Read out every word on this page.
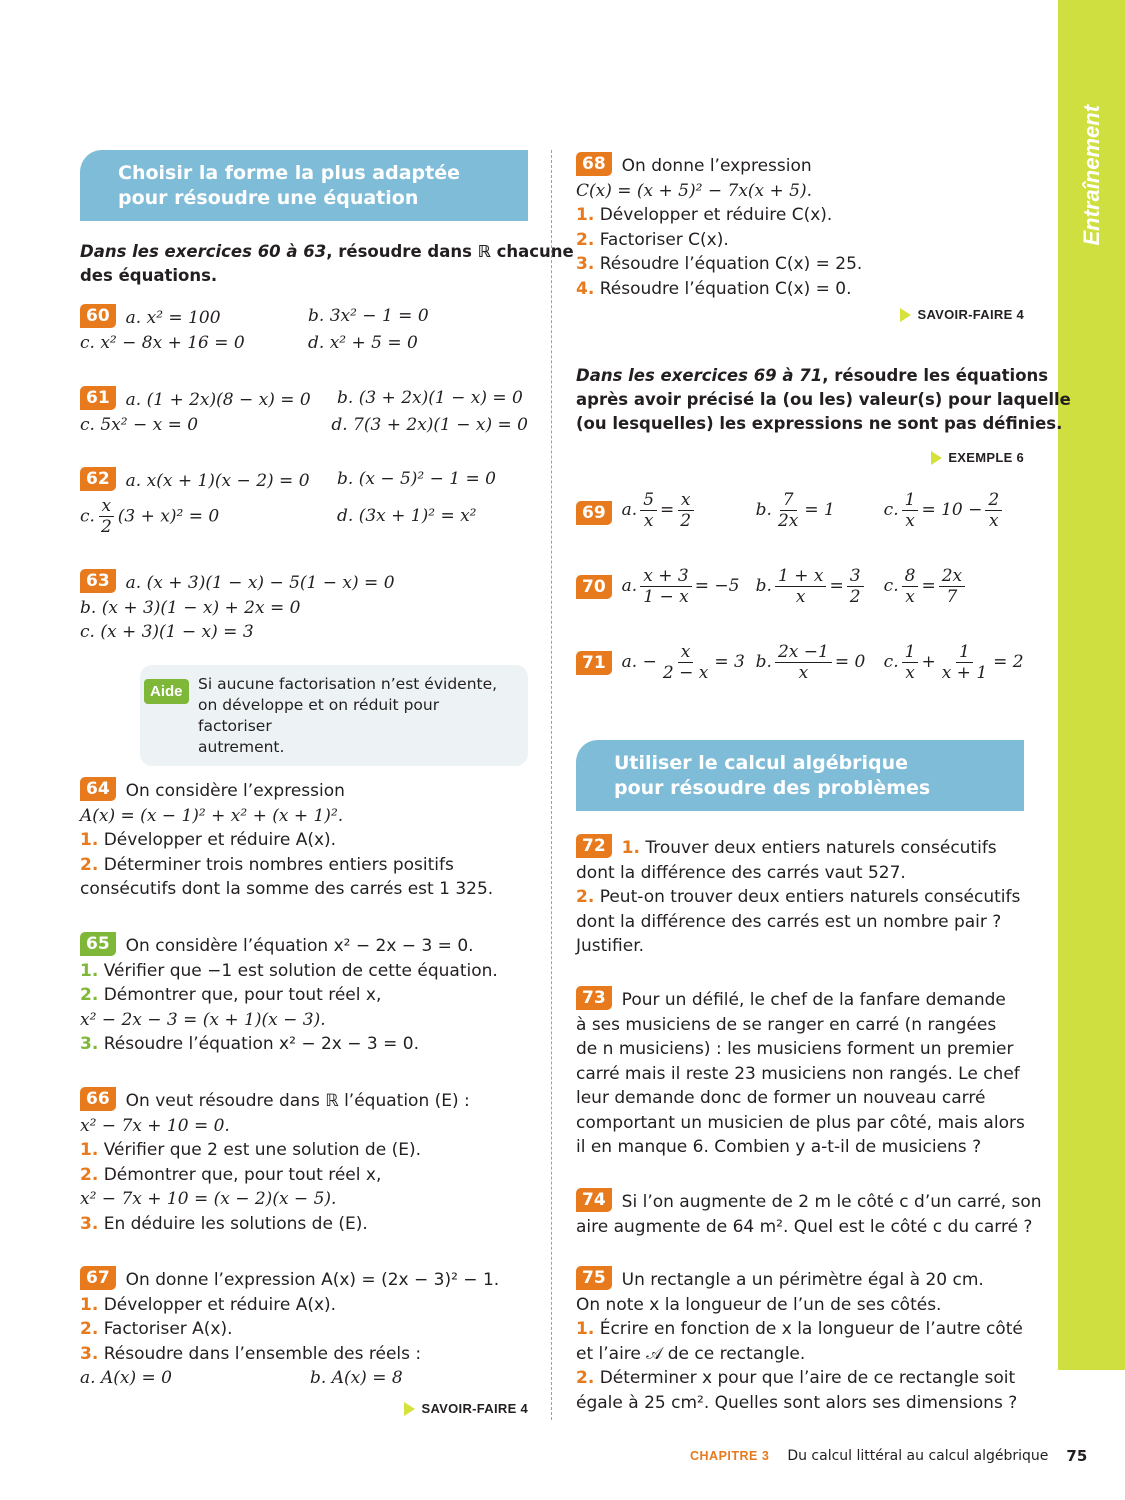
Entraînement
Choisir la forme la plus adaptée
pour résoudre une équation
Dans les exercices 60 à 63, résoudre dans ℝ chacune
des équations.
60 a. x² = 100	b. 3x² − 1 = 0
c. x² − 8x + 16 = 0	d. x² + 5 = 0
61 a. (1 + 2x)(8 − x) = 0	b. (3 + 2x)(1 − x) = 0
c. 5x² − x = 0	d. 7(3 + 2x)(1 − x) = 0
62 a. x(x + 1)(x − 2) = 0	b. (x − 5)² − 1 = 0
c. $\frac{x}{2} (3 + x)^2 = 0$	d. (3x + 1)² = x²
63 a. (x + 3)(1 − x) − 5(1 − x) = 0
b. (x + 3)(1 − x) + 2x = 0
c. (x + 3)(1 − x) = 3
Aide Si aucune factorisation n’est évidente,
on développe et on réduit pour factoriser
autrement.
64 On considère l’expression
A(x) = (x − 1)² + x² + (x + 1)².
1. Développer et réduire A(x).
2. Déterminer trois nombres entiers positifs
consécutifs dont la somme des carrés est 1 325.
65 On considère l’équation x² − 2x − 3 = 0.
1. Vérifier que −1 est solution de cette équation.
2. Démontrer que, pour tout réel x,
x² − 2x − 3 = (x + 1)(x − 3).
3. Résoudre l’équation x² − 2x − 3 = 0.
66 On veut résoudre dans ℝ l’équation (E) :
x² − 7x + 10 = 0.
1. Vérifier que 2 est une solution de (E).
2. Démontrer que, pour tout réel x,
x² − 7x + 10 = (x − 2)(x − 5).
3. En déduire les solutions de (E).
67 On donne l’expression A(x) = (2x − 3)² − 1.
1. Développer et réduire A(x).
2. Factoriser A(x).
3. Résoudre dans l’ensemble des réels :
a. A(x) = 0	b. A(x) = 8
SAVOIR-FAIRE 4
68 On donne l’expression
C(x) = (x + 5)² − 7x(x + 5).
1. Développer et réduire C(x).
2. Factoriser C(x).
3. Résoudre l’équation C(x) = 25.
4. Résoudre l’équation C(x) = 0.
SAVOIR-FAIRE 4
Dans les exercices 69 à 71, résoudre les équations
après avoir précisé la (ou les) valeur(s) pour laquelle
(ou lesquelles) les expressions ne sont pas définies.
EXEMPLE 6
69 a. $\frac{5}{x} = \frac{x}{2}$	b. $\frac{7}{2x} = 1$	c. $\frac{1}{x} = 10 - \frac{2}{x}$
70 a. $\frac{x + 3}{1 - x} = -5$ b. $\frac{1 + x}{x} = \frac{3}{2} c$. $\frac{8}{x} = \frac{2x}{7}$
71 a. − $\frac{x}{2 - x} = 3$ b. $\frac{2x -1}{x} = 0$	c. $\frac{1}{x} + \frac{1}{x + 1} = 2$
Utiliser le calcul algébrique
pour résoudre des problèmes
72 1. Trouver deux entiers naturels consécutifs
dont la différence des carrés vaut 527.
2. Peut-on trouver deux entiers naturels consécutifs
dont la différence des carrés est un nombre pair ?
Justifier.
73 Pour un défilé, le chef de la fanfare demande
à ses musiciens de se ranger en carré (n rangées
de n musiciens) : les musiciens forment un premier
carré mais il reste 23 musiciens non rangés. Le chef
leur demande donc de former un nouveau carré
comportant un musicien de plus par côté, mais alors
il en manque 6. Combien y a-t-il de musiciens ?
74 Si l’on augmente de 2 m le côté c d’un carré, son
aire augmente de 64 m². Quel est le côté c du carré ?
75 Un rectangle a un périmètre égal à 20 cm.
On note x la longueur de l’un de ses côtés.
1. Écrire en fonction de x la longueur de l’autre côté
et l’aire 𝒜 de ce rectangle.
2. Déterminer x pour que l’aire de ce rectangle soit
égale à 25 cm². Quelles sont alors ses dimensions ?
CHAPITRE 3 Du calcul littéral au calcul algébrique 75
